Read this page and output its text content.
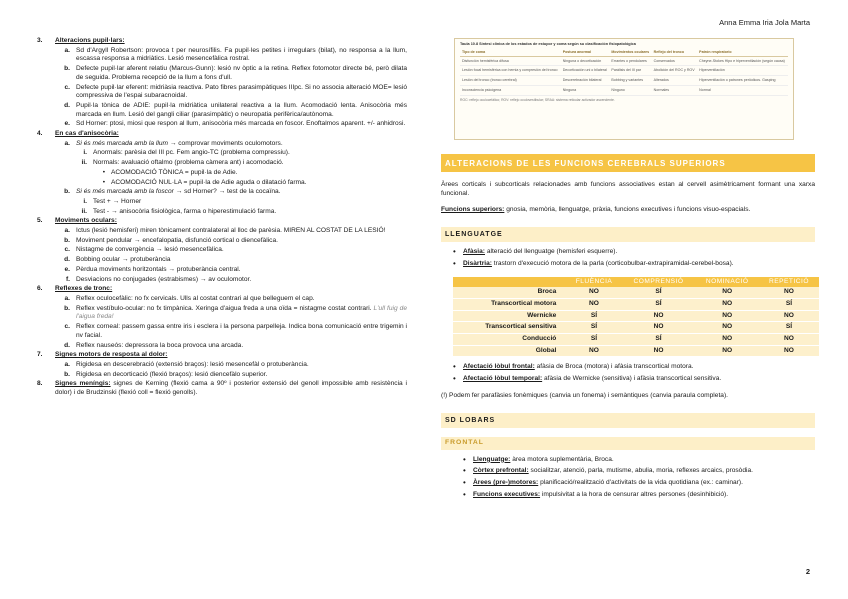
Anna Emma Iria Jola Marta
3.	Alteracions pupil·lars:
a. Sd d'Argyll Robertson: provoca t per neurosífilis. Fa pupil·les petites i irregulars (bilat), no responsa a la llum, escassa responsa a midriàtics. Lesió mesencefàlica rostral.
b. Defecte pupil·lar aferent relatiu (Marcus-Gunn): lesió nv òptic a la retina. Reflex fotomotor directe bé, però dilata de seguida. Problema recepció de la llum a fons d'ull.
c. Defecte pupil·lar eferent: midriàsia reactiva. Pato fibres parasimpàtiques IIIpc. Si no associa alteració MOE= lesió compressiva de l'espai subaracnoidal.
d. Pupil·la tònica de ADIE: pupil·la midriàtica unilateral reactiva a la llum. Acomodació lenta. Anisocòria més marcada en llum. Lesió del gangli ciliar (parasimpàtic) o neuropatia perifèrica/autònoma.
e. Sd Horner: ptosi, miosi que respon al llum, anisocòria més marcada en foscor. Enoftalmos aparent. +/- anhidrosi.
4.	En cas d'anisocòria:
a. Si és més marcada amb la llum → comprovar moviments oculomotors.
i. Anormals: parèsia del III pc. Fem angio-TC (problema compressiu).
ii. Normals: avaluació oftalmo (problema càmera ant) i acomodació.
• ACOMODACIÓ TÒNICA = pupil·la de Adie.
• ACOMODACIÓ NUL·LA = pupil·la de Adie aguda o dilatació farma.
b. Si és més marcada amb la foscor → sd Horner? → test de la cocaïna.
i. Test + → Horner
ii. Test - → anisocòria fisiològica, farma o hiperestimulació farma.
5.	Moviments oculars:
a. Ictus (lesió hemisferi) miren tònicament contralateral al lloc de parèsia. MIREN AL COSTAT DE LA LESIÓ!
b. Moviment pendular → encefalopatia, disfunció cortical o diencefàlica.
c. Nistagme de convergència → lesió mesencefàlica.
d. Bobbing ocular → protuberància
e. Pèrdua moviments horitzontals → protuberància central.
f. Desviacions no conjugades (estrabismes) → av oculomotor.
6.	Reflexes de tronc:
a. Reflex oculocefàlic: no fx cervicals. Ulls al costat contrari al que belleguem el cap.
b. Reflex vestíbulo-ocular: no fx timpànica. Xeringa d'aigua freda a una oïda = nistagme costat contrari. L'ull fuig de l'aigua freda!
c. Reflex corneal: passem gassa entre iris i esclera i la persona parpelleja. Indica bona comunicació entre trigemin i nv facial.
d. Reflex nauseós: depressora la boca provoca una arcada.
7.	Signes motors de resposta al dolor:
a. Rigidesa en descerebració (extensió braços): lesió mesencefàl o protuberància.
b. Rigidesa en decorticació (flexió braços): lesió diencefàlo superior.
8.	Signes meníngis: signes de Kerning (flexió cama a 90º i posterior extensió del genoll impossible amb resistència i dolor) i de Brudzinski (flexió coll = flexió genolls).
Taula 10.8 Síntesi clínica de los estados de estupor y coma según su clasificación fisiopatológica
Tipo de coma	Postura anormal	Movimientos oculares	Reflejo del tronco	Patrón respiratorio
Disfunción hemisférica difusa	Ninguna o decorticación	Errantes o pendulares	Conservados	Cheyne-Stokes Hipo e hiperventilación (según causa)
Lesión focal hemisférica con hernia y compresión del tronco	Decorticación uni o bilateral	Parálisis del III par	Abolición del ROC y ROV	Hiperventilación
Lesión del tronco (tronco cerebral)	Descerebración bilateral	Bobbing y variantes	Alterados	Hiperventilación o patrones periódicos. Gasping
Inconsciencia psicógena	Ninguna	Ninguno	Normales	Normal
ROC: reflejo oculocefálico; ROV: reflejo oculovestibular; SRAA: sistema reticular activador ascendente.
ALTERACIONS DE LES FUNCIONS CEREBRALS SUPERIORS
Àrees corticals i subcorticals relacionades amb funcions associatives estan al cervell asimètricament formant una xarxa funcional.
Funcions superiors: gnosia, memòria, llenguatge, pràxia, funcions executives i funcions visuo-espacials.
LLENGUATGE
• Afàsia: alteració del llenguatge (hemisferi esquerre).
• Disàrtria: trastorn d'execució motora de la parla (corticobulbar-extrapiramidal-cerebel-bosa).
	FLUÈNCIA	COMPRENSIÓ	NOMINACIÓ	REPETICIÓ
Broca	NO	SÍ	NO	NO
Transcortical motora	NO	SÍ	NO	SÍ
Wernicke	SÍ	NO	NO	NO
Transcortical sensitiva	SÍ	NO	NO	SÍ
Conducció	SÍ	SÍ	NO	NO
Global	NO	NO	NO	NO
• Afectació lòbul frontal: afàsia de Broca (motora) i afàsia transcortical motora.
• Afectació lòbul temporal: afàsia de Wernicke (sensitiva) i afàsia transcortical sensitiva.
(!) Podem fer parafàsies fonèmiques (canvia un fonema) i semàntiques (canvia paraula completa).
SD LOBARS
FRONTAL
• Llenguatge: àrea motora suplementària, Broca.
• Còrtex prefrontal: socialitzar, atenció, parla, mutisme, abulia, moria, reflexes arcaics, prosòdia.
• Àrees (pre-)motores: planificació/realització d'activitats de la vida quotidiana (ex.: caminar).
• Funcions executives: impulsivitat a la hora de censurar altres persones (desinhibició).
2
